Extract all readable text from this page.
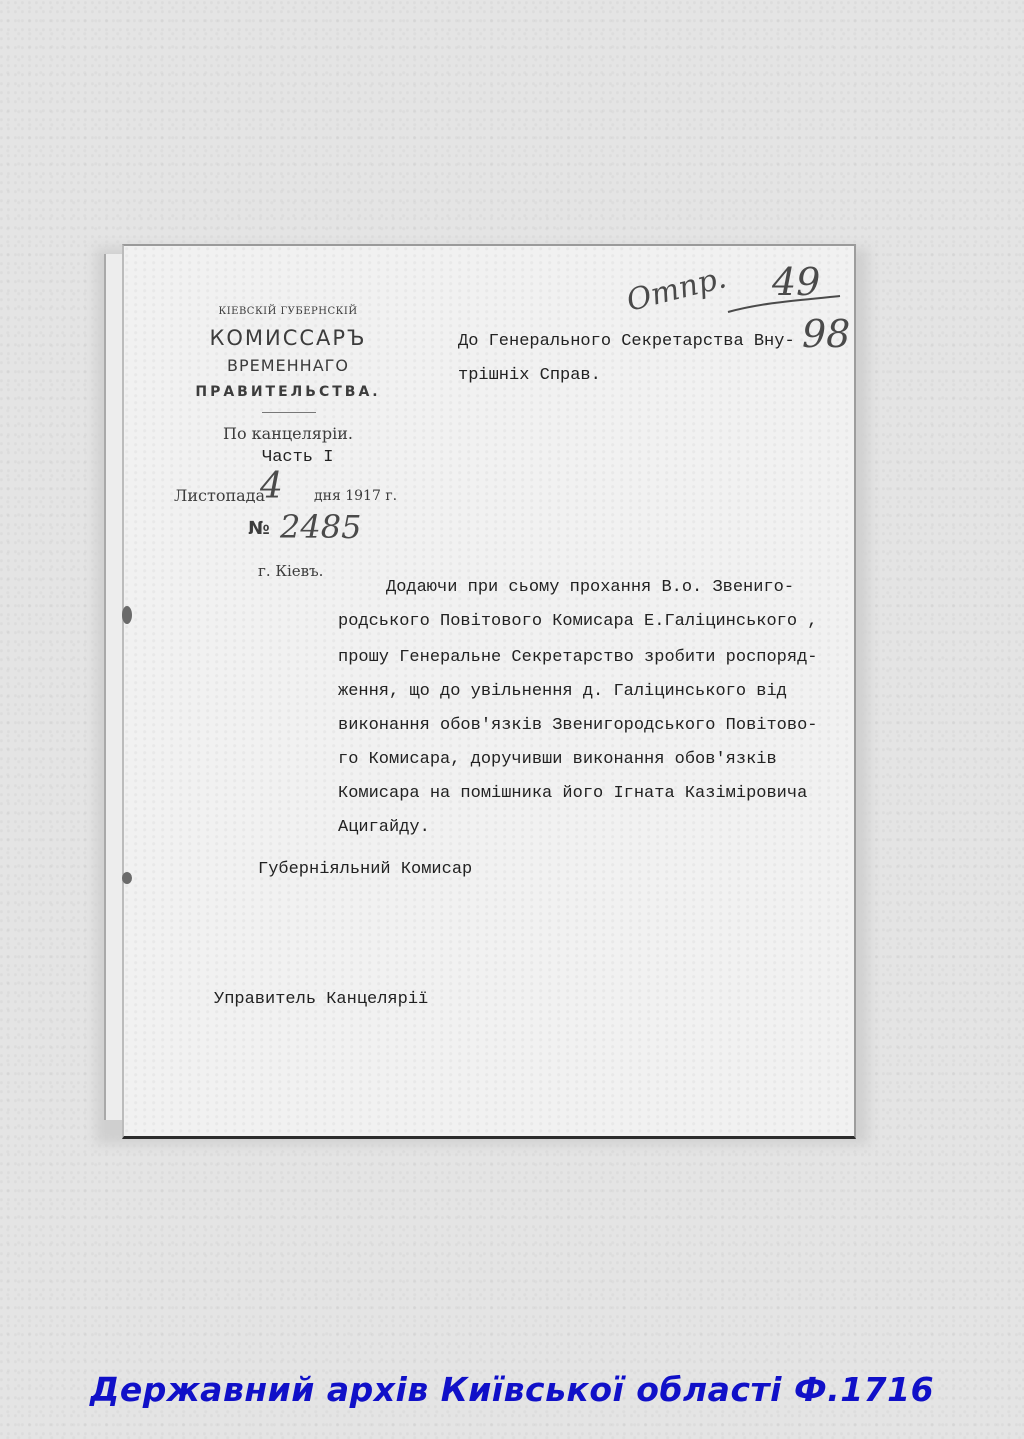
КІЕВСКІЙ ГУБЕРНСКІЙ
КОМИССАРЪ
ВРЕМЕННАГО
ПРАВИТЕЛЬСТВА.
По канцеляріи.
Часть I
Листопада
4 дня 1917 г.
№ 2485
г. Кіевъ.
Отпр. 49
98
До Генерального Секретарства Вну-
трішніх Справ.
Додаючи при сьому прохання В.о. Звениго-
родського Повітового Комисара Е.Галіцинського ,
прошу Генеральне Секретарство зробити роспоряд-
ження, що до увільнення д. Галіцинського від
виконання обов'язків Звенигородського Повітово-
го Комисара, доручивши виконання обов'язків
Комисара на помішника його Ігната Казіміровича
Ацигайду.
Губерніяльний Комисар
Управитель Канцелярії
Державний архів Київської області Ф.1716
